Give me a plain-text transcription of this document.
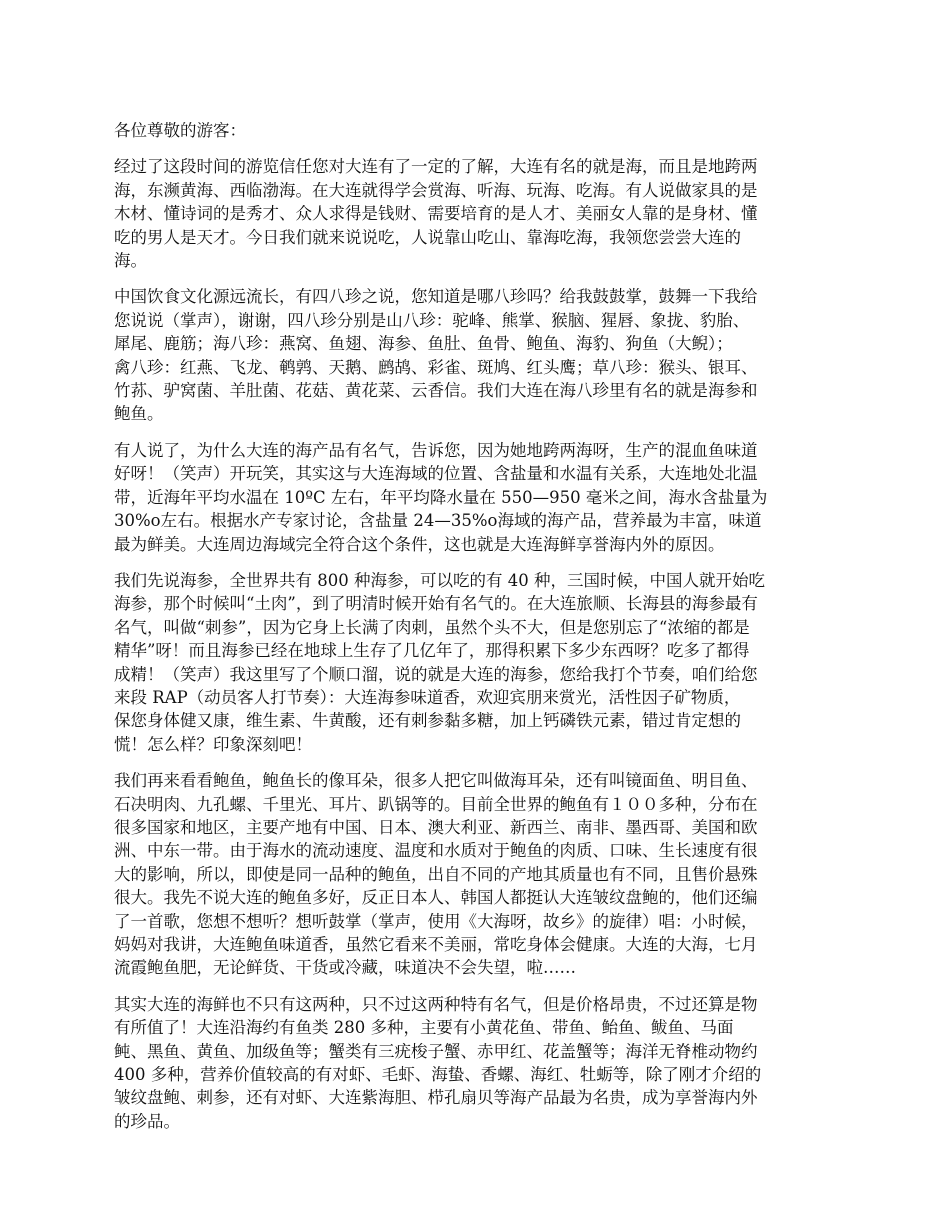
各位尊敬的游客：
经过了这段时间的游览信任您对大连有了一定的了解，大连有名的就是海，而且是地跨两
海，东濒黄海、西临渤海。在大连就得学会赏海、听海、玩海、吃海。有人说做家具的是
木材、懂诗词的是秀才、众人求得是钱财、需要培育的是人才、美丽女人靠的是身材、懂
吃的男人是天才。今日我们就来说说吃，人说靠山吃山、靠海吃海，我领您尝尝大连的
海。
中国饮食文化源远流长，有四八珍之说，您知道是哪八珍吗？给我鼓鼓掌，鼓舞一下我给
您说说（掌声），谢谢，四八珍分别是山八珍：驼峰、熊掌、猴脑、猩唇、象拢、豹胎、
犀尾、鹿筋；海八珍：燕窝、鱼翅、海参、鱼肚、鱼骨、鲍鱼、海豹、狗鱼（大鲵）；
禽八珍：红燕、飞龙、鹌鹑、天鹅、鹧鸪、彩雀、斑鸠、红头鹰；草八珍：猴头、银耳、
竹荪、驴窝菌、羊肚菌、花菇、黄花菜、云香信。我们大连在海八珍里有名的就是海参和
鲍鱼。
有人说了，为什么大连的海产品有名气，告诉您，因为她地跨两海呀，生产的混血鱼味道
好呀！（笑声）开玩笑，其实这与大连海域的位置、含盐量和水温有关系，大连地处北温
带，近海年平均水温在 10ºC 左右，年平均降水量在 550—950 毫米之间，海水含盐量为
30%o左右。根据水产专家讨论，含盐量 24—35%o海域的海产品，营养最为丰富，味道
最为鲜美。大连周边海域完全符合这个条件，这也就是大连海鲜享誉海内外的原因。
我们先说海参，全世界共有 800 种海参，可以吃的有 40 种，三国时候，中国人就开始吃
海参，那个时候叫“土肉”，到了明清时候开始有名气的。在大连旅顺、长海县的海参最有
名气，叫做“刺参”，因为它身上长满了肉刺，虽然个头不大，但是您别忘了“浓缩的都是
精华”呀！而且海参已经在地球上生存了几亿年了，那得积累下多少东西呀？吃多了都得
成精！（笑声）我这里写了个顺口溜，说的就是大连的海参，您给我打个节奏，咱们给您
来段 RAP（动员客人打节奏）：大连海参味道香，欢迎宾朋来赏光，活性因子矿物质，
保您身体健又康，维生素、牛黄酸，还有刺参黏多糖，加上钙磷铁元素，错过肯定想的
慌！怎么样？印象深刻吧！
我们再来看看鲍鱼，鲍鱼长的像耳朵，很多人把它叫做海耳朵，还有叫镜面鱼、明目鱼、
石决明肉、九孔螺、千里光、耳片、趴锅等的。目前全世界的鲍鱼有１００多种，分布在
很多国家和地区，主要产地有中国、日本、澳大利亚、新西兰、南非、墨西哥、美国和欧
洲、中东一带。由于海水的流动速度、温度和水质对于鲍鱼的肉质、口味、生长速度有很
大的影响，所以，即使是同一品种的鲍鱼，出自不同的产地其质量也有不同，且售价悬殊
很大。我先不说大连的鲍鱼多好，反正日本人、韩国人都挺认大连皱纹盘鲍的，他们还编
了一首歌，您想不想听？想听鼓掌（掌声，使用《大海呀，故乡》的旋律）唱：小时候，
妈妈对我讲，大连鲍鱼味道香，虽然它看来不美丽，常吃身体会健康。大连的大海，七月
流霞鲍鱼肥，无论鲜货、干货或冷藏，味道决不会失望，啦……
其实大连的海鲜也不只有这两种，只不过这两种特有名气，但是价格昂贵，不过还算是物
有所值了！大连沿海约有鱼类 280 多种，主要有小黄花鱼、带鱼、鲐鱼、鲅鱼、马面
鲀、黑鱼、黄鱼、加级鱼等；蟹类有三疣梭子蟹、赤甲红、花盖蟹等；海洋无脊椎动物约
400 多种，营养价值较高的有对虾、毛虾、海蛰、香螺、海红、牡蛎等，除了刚才介绍的
皱纹盘鲍、刺参，还有对虾、大连紫海胆、栉孔扇贝等海产品最为名贵，成为享誉海内外
的珍品。
